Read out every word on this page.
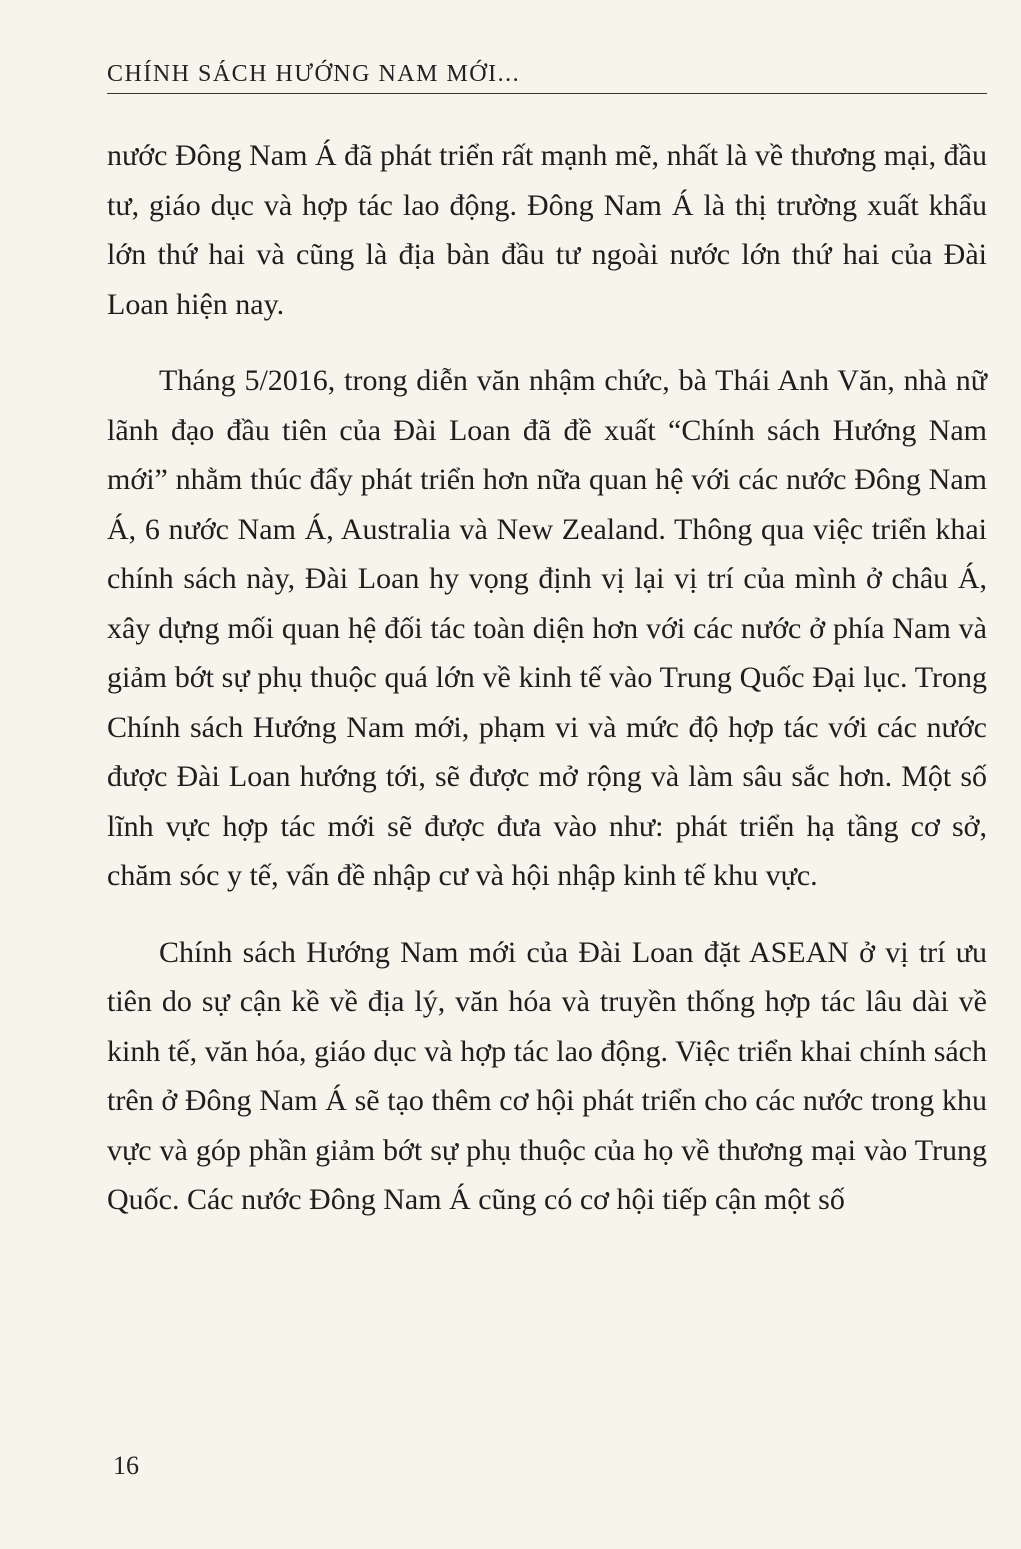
CHÍNH SÁCH HƯỚNG NAM MỚI...

nước Đông Nam Á đã phát triển rất mạnh mẽ, nhất là về thương mại, đầu tư, giáo dục và hợp tác lao động. Đông Nam Á là thị trường xuất khẩu lớn thứ hai và cũng là địa bàn đầu tư ngoài nước lớn thứ hai của Đài Loan hiện nay.

Tháng 5/2016, trong diễn văn nhậm chức, bà Thái Anh Văn, nhà nữ lãnh đạo đầu tiên của Đài Loan đã đề xuất “Chính sách Hướng Nam mới” nhằm thúc đẩy phát triển hơn nữa quan hệ với các nước Đông Nam Á, 6 nước Nam Á, Australia và New Zealand. Thông qua việc triển khai chính sách này, Đài Loan hy vọng định vị lại vị trí của mình ở châu Á, xây dựng mối quan hệ đối tác toàn diện hơn với các nước ở phía Nam và giảm bớt sự phụ thuộc quá lớn về kinh tế vào Trung Quốc Đại lục. Trong Chính sách Hướng Nam mới, phạm vi và mức độ hợp tác với các nước được Đài Loan hướng tới, sẽ được mở rộng và làm sâu sắc hơn. Một số lĩnh vực hợp tác mới sẽ được đưa vào như: phát triển hạ tầng cơ sở, chăm sóc y tế, vấn đề nhập cư và hội nhập kinh tế khu vực.

Chính sách Hướng Nam mới của Đài Loan đặt ASEAN ở vị trí ưu tiên do sự cận kề về địa lý, văn hóa và truyền thống hợp tác lâu dài về kinh tế, văn hóa, giáo dục và hợp tác lao động. Việc triển khai chính sách trên ở Đông Nam Á sẽ tạo thêm cơ hội phát triển cho các nước trong khu vực và góp phần giảm bớt sự phụ thuộc của họ về thương mại vào Trung Quốc. Các nước Đông Nam Á cũng có cơ hội tiếp cận một số

16
